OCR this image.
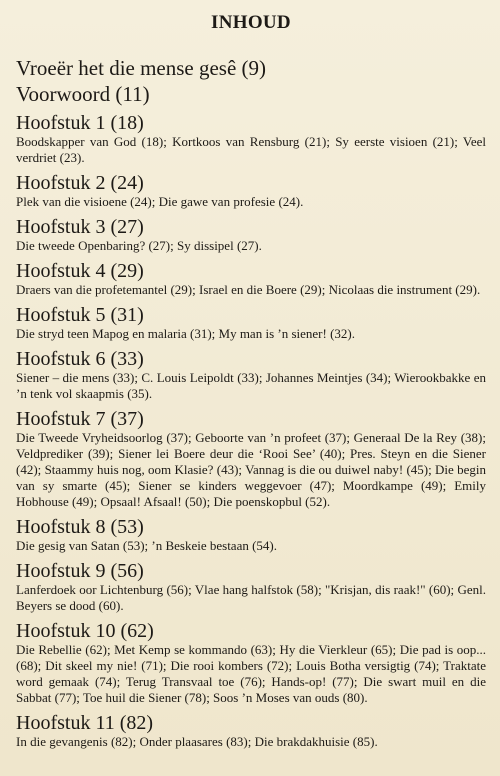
INHOUD
Vroeër het die mense gesê (9)
Voorwoord (11)
Hoofstuk 1 (18)
Boodskapper van God (18); Kortkoos van Rensburg (21); Sy eerste visioen (21); Veel verdriet (23).
Hoofstuk 2 (24)
Plek van die visioene (24); Die gawe van profesie (24).
Hoofstuk 3 (27)
Die tweede Openbaring? (27); Sy dissipel (27).
Hoofstuk 4 (29)
Draers van die profetemantel (29); Israel en die Boere (29); Nicolaas die instrument (29).
Hoofstuk 5 (31)
Die stryd teen Mapog en malaria (31); My man is ’n siener! (32).
Hoofstuk 6 (33)
Siener – die mens (33); C. Louis Leipoldt (33); Johannes Meintjes (34); Wierookbakke en ’n tenk vol skaapmis (35).
Hoofstuk 7 (37)
Die Tweede Vryheidsoorlog (37); Geboorte van ’n profeet (37); Generaal De la Rey (38); Veldprediker (39); Siener lei Boere deur die ‘Rooi See’ (40); Pres. Steyn en die Siener (42); Staammy huis nog, oom Klasie? (43); Vannag is die ou duiwel naby! (45); Die begin van sy smarte (45); Siener se kinders weggevoer (47); Moordkampe (49); Emily Hobhouse (49); Opsaal! Afsaal! (50); Die poenskopbul (52).
Hoofstuk 8 (53)
Die gesig van Satan (53); ’n Beskeie bestaan (54).
Hoofstuk 9 (56)
Lanferdoek oor Lichtenburg (56); Vlae hang halfstok (58); "Krisjan, dis raak!" (60); Genl. Beyers se dood (60).
Hoofstuk 10 (62)
Die Rebellie (62); Met Kemp se kommando (63); Hy die Vierkleur (65); Die pad is oop... (68); Dit skeel my nie! (71); Die rooi kombers (72); Louis Botha versigtig (74); Traktate word gemaak (74); Terug Transvaal toe (76); Hands-op! (77); Die swart muil en die Sabbat (77); Toe huil die Siener (78); Soos ’n Moses van ouds (80).
Hoofstuk 11 (82)
In die gevangenis (82); Onder plaasares (83); Die brakdakhuisie (85).
